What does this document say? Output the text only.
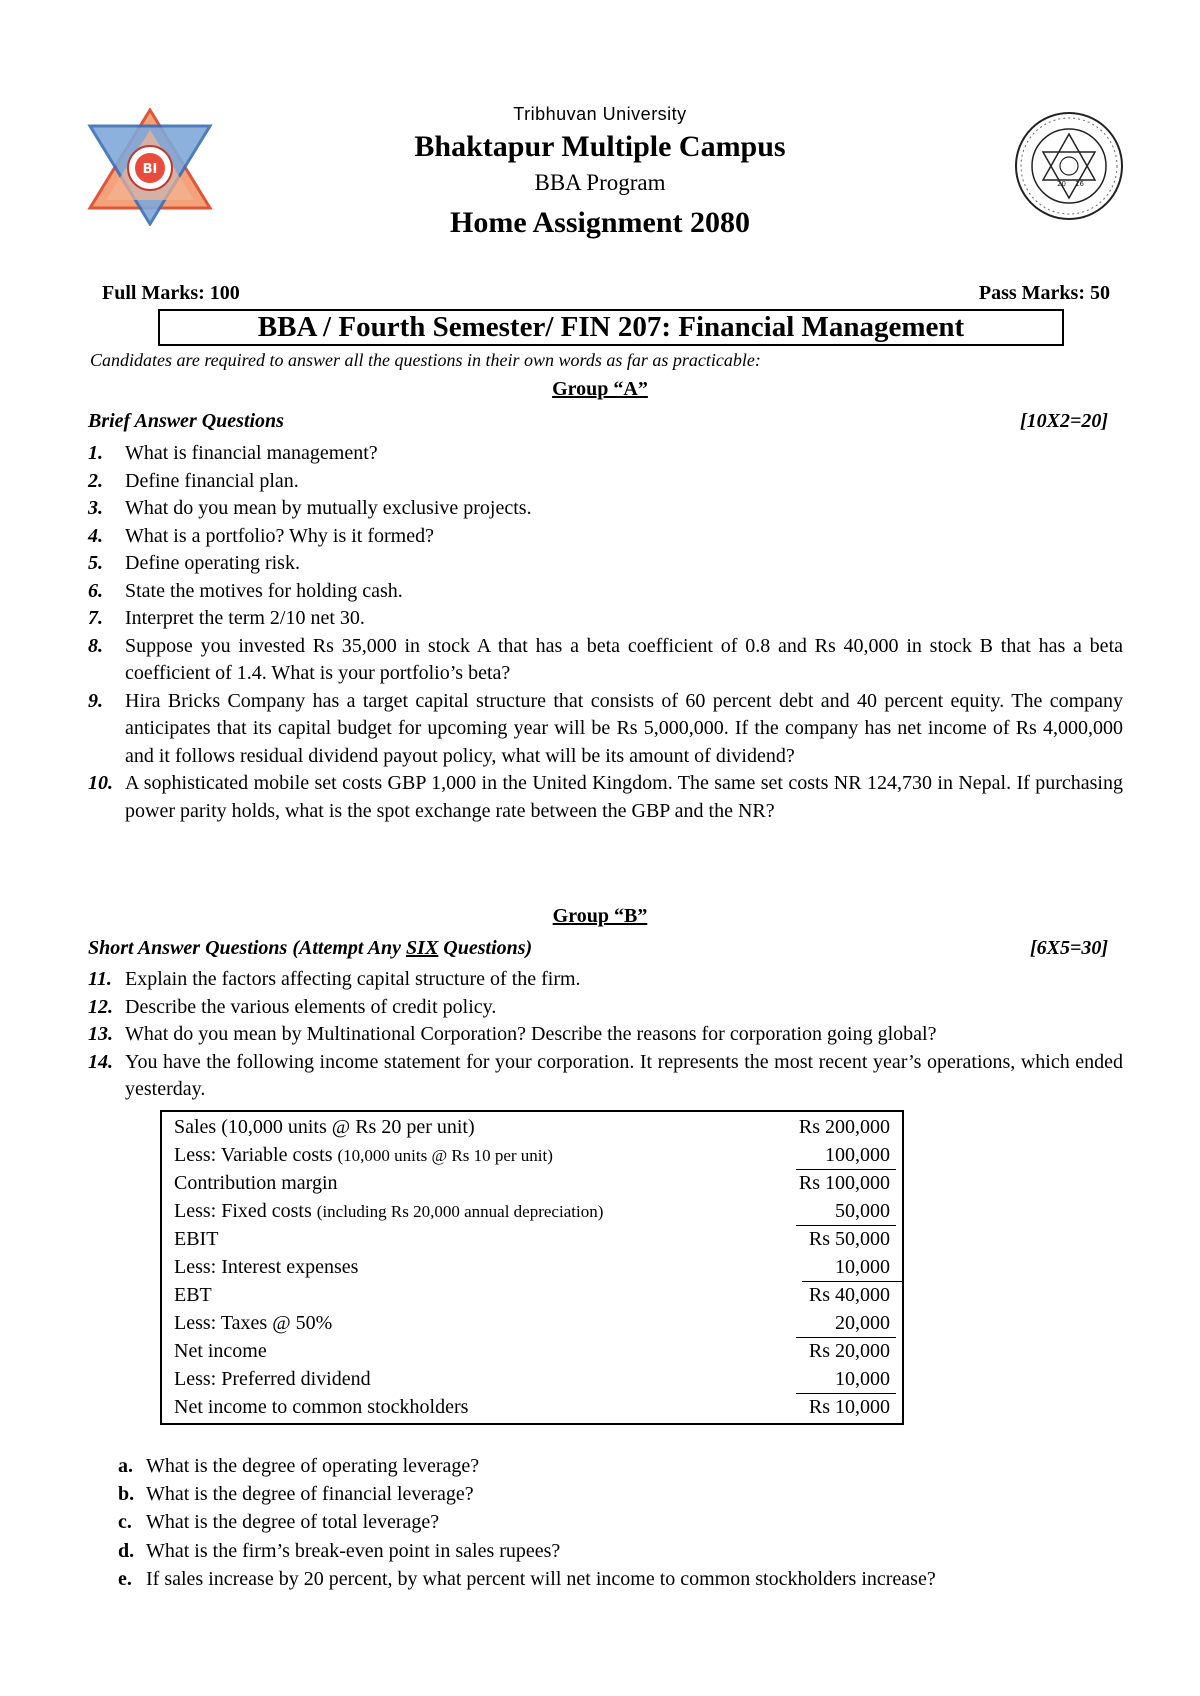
BI
20 16
Tribhuvan University
Bhaktapur Multiple Campus
BBA Program
Home Assignment 2080
Full Marks: 100	Pass Marks: 50
BBA / Fourth Semester/ FIN 207: Financial Management
Candidates are required to answer all the questions in their own words as far as practicable:
Group “A”
Brief Answer Questions	[10X2=20]
1. What is financial management?
2. Define financial plan.
3. What do you mean by mutually exclusive projects.
4. What is a portfolio? Why is it formed?
5. Define operating risk.
6. State the motives for holding cash.
7. Interpret the term 2/10 net 30.
8. Suppose you invested Rs 35,000 in stock A that has a beta coefficient of 0.8 and Rs 40,000 in stock B that has a beta coefficient of 1.4. What is your portfolio’s beta?
9. Hira Bricks Company has a target capital structure that consists of 60 percent debt and 40 percent equity. The company anticipates that its capital budget for upcoming year will be Rs 5,000,000. If the company has net income of Rs 4,000,000 and it follows residual dividend payout policy, what will be its amount of dividend?
10. A sophisticated mobile set costs GBP 1,000 in the United Kingdom. The same set costs NR 124,730 in Nepal. If purchasing power parity holds, what is the spot exchange rate between the GBP and the NR?
Group “B”
Short Answer Questions (Attempt Any SIX Questions)	[6X5=30]
11. Explain the factors affecting capital structure of the firm.
12. Describe the various elements of credit policy.
13. What do you mean by Multinational Corporation? Describe the reasons for corporation going global?
14. You have the following income statement for your corporation. It represents the most recent year’s operations, which ended yesterday.
Sales (10,000 units @ Rs 20 per unit)	Rs 200,000
Less: Variable costs (10,000 units @ Rs 10 per unit)	100,000
Contribution margin	Rs 100,000
Less: Fixed costs (including Rs 20,000 annual depreciation)	50,000
EBIT	Rs 50,000
Less: Interest expenses	10,000
EBT	Rs 40,000
Less: Taxes @ 50%	20,000
Net income	Rs 20,000
Less: Preferred dividend	10,000
Net income to common stockholders	Rs 10,000
a. What is the degree of operating leverage?
b. What is the degree of financial leverage?
c. What is the degree of total leverage?
d. What is the firm’s break-even point in sales rupees?
e. If sales increase by 20 percent, by what percent will net income to common stockholders increase?
